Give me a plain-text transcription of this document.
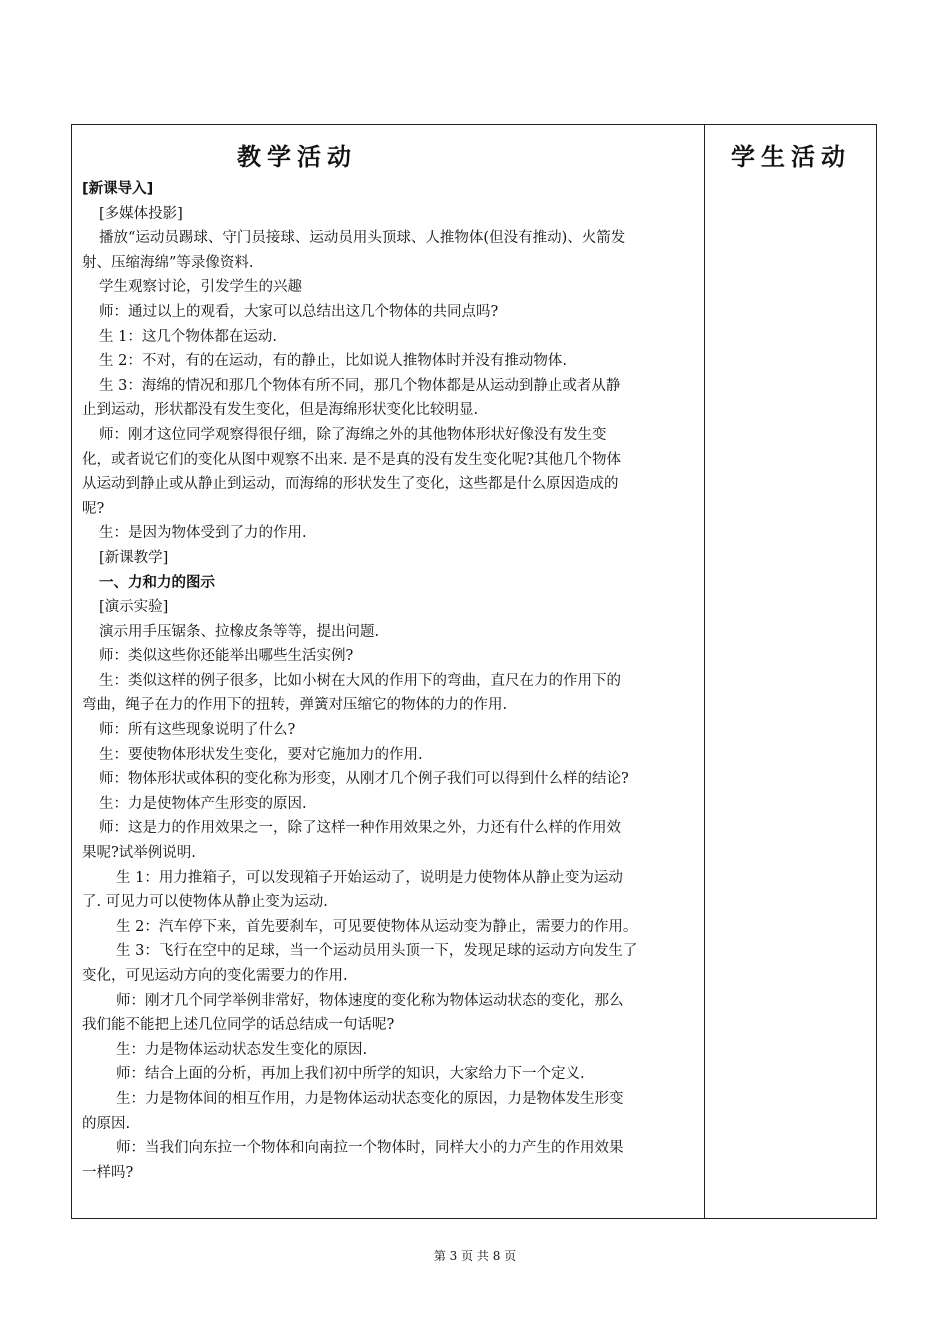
教学活动
[新课导入]
[多媒体投影]
播放“运动员踢球、守门员接球、运动员用头顶球、人推物体(但没有推动)、火箭发
射、压缩海绵”等录像资料.
学生观察讨论，引发学生的兴趣
师：通过以上的观看，大家可以总结出这几个物体的共同点吗?
生 1：这几个物体都在运动.
生 2：不对，有的在运动，有的静止，比如说人推物体时并没有推动物体.
生 3：海绵的情况和那几个物体有所不同，那几个物体都是从运动到静止或者从静
止到运动，形状都没有发生变化，但是海绵形状变化比较明显.
师：刚才这位同学观察得很仔细，除了海绵之外的其他物体形状好像没有发生变
化，或者说它们的变化从图中观察不出来. 是不是真的没有发生变化呢?其他几个物体
从运动到静止或从静止到运动，而海绵的形状发生了变化，这些都是什么原因造成的
呢?
生：是因为物体受到了力的作用.
[新课教学]
一、力和力的图示
[演示实验]
演示用手压锯条、拉橡皮条等等，提出问题.
师：类似这些你还能举出哪些生活实例?
生：类似这样的例子很多，比如小树在大风的作用下的弯曲，直尺在力的作用下的
弯曲，绳子在力的作用下的扭转，弹簧对压缩它的物体的力的作用.
师：所有这些现象说明了什么?
生：要使物体形状发生变化，要对它施加力的作用.
师：物体形状或体积的变化称为形变，从刚才几个例子我们可以得到什么样的结论?
生：力是使物体产生形变的原因.
师：这是力的作用效果之一，除了这样一种作用效果之外，力还有什么样的作用效
果呢?试举例说明.
生 1：用力推箱子，可以发现箱子开始运动了，说明是力使物体从静止变为运动
了. 可见力可以使物体从静止变为运动.
生 2：汽车停下来，首先要刹车，可见要使物体从运动变为静止，需要力的作用。
生 3：飞行在空中的足球，当一个运动员用头顶一下，发现足球的运动方向发生了
变化，可见运动方向的变化需要力的作用.
师：刚才几个同学举例非常好，物体速度的变化称为物体运动状态的变化，那么
我们能不能把上述几位同学的话总结成一句话呢?
生：力是物体运动状态发生变化的原因.
师：结合上面的分析，再加上我们初中所学的知识，大家给力下一个定义.
生：力是物体间的相互作用，力是物体运动状态变化的原因，力是物体发生形变
的原因.
师：当我们向东拉一个物体和向南拉一个物体时，同样大小的力产生的作用效果
一样吗?
学生活动
第 3 页 共 8 页
